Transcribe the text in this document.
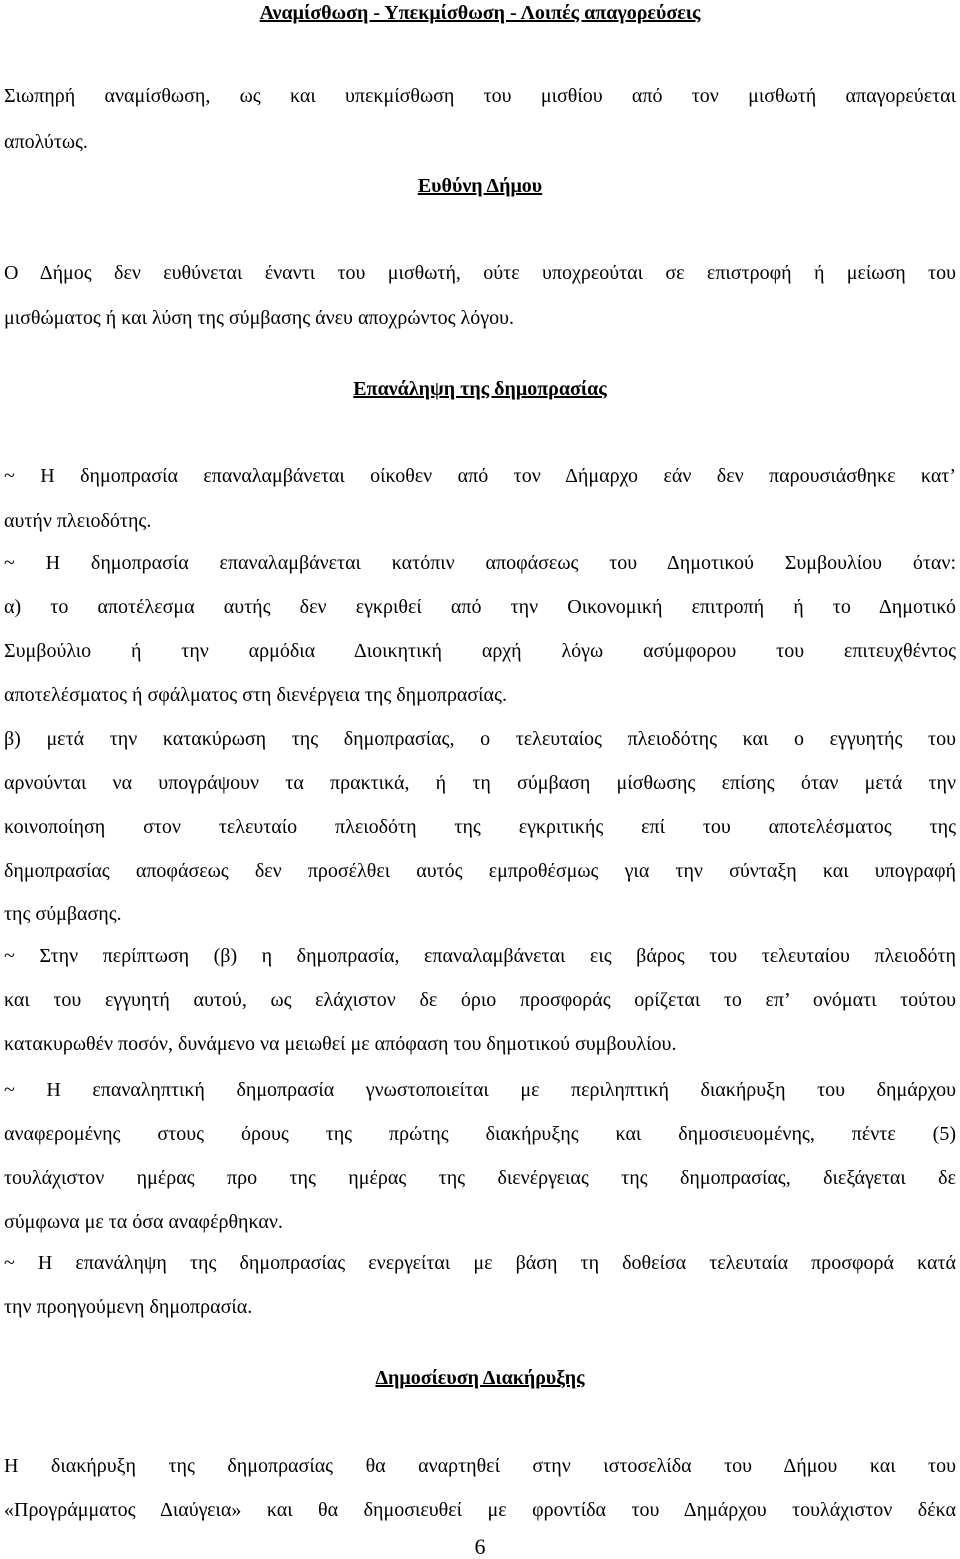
Αναμίσθωση - Υπεκμίσθωση - Λοιπές απαγορεύσεις
Σιωπηρή αναμίσθωση, ως και υπεκμίσθωση του μισθίου από τον μισθωτή απαγορεύεται
απολύτως.
Ευθύνη Δήμου
Ο Δήμος δεν ευθύνεται έναντι του μισθωτή, ούτε υποχρεούται σε επιστροφή ή μείωση του
μισθώματος ή και λύση της σύμβασης άνευ αποχρώντος λόγου.
Επανάληψη της δημοπρασίας
~ Η δημοπρασία επαναλαμβάνεται οίκοθεν από τον Δήμαρχο εάν δεν παρουσιάσθηκε κατ’
αυτήν πλειοδότης.
~ Η δημοπρασία επαναλαμβάνεται κατόπιν αποφάσεως του Δημοτικού Συμβουλίου όταν:
α) το αποτέλεσμα αυτής δεν εγκριθεί από την Οικονομική επιτροπή ή το Δημοτικό
Συμβούλιο ή την αρμόδια Διοικητική αρχή λόγω ασύμφορου του επιτευχθέντος
αποτελέσματος ή σφάλματος στη διενέργεια της δημοπρασίας.
β) μετά την κατακύρωση της δημοπρασίας, ο τελευταίος πλειοδότης και ο εγγυητής του
αρνούνται να υπογράψουν τα πρακτικά, ή τη σύμβαση μίσθωσης επίσης όταν μετά την
κοινοποίηση στον τελευταίο πλειοδότη της εγκριτικής επί του αποτελέσματος της
δημοπρασίας αποφάσεως δεν προσέλθει αυτός εμπροθέσμως για την σύνταξη και υπογραφή
της σύμβασης.
~ Στην περίπτωση (β) η δημοπρασία, επαναλαμβάνεται εις βάρος του τελευταίου πλειοδότη
και του εγγυητή αυτού, ως ελάχιστον δε όριο προσφοράς ορίζεται το επ’ ονόματι τούτου
κατακυρωθέν ποσόν, δυνάμενο να μειωθεί με απόφαση του δημοτικού συμβουλίου.
~ Η επαναληπτική δημοπρασία γνωστοποιείται με περιληπτική διακήρυξη του δημάρχου
αναφερομένης στους όρους της πρώτης διακήρυξης και δημοσιευομένης, πέντε (5)
τουλάχιστον ημέρας προ της ημέρας της διενέργειας της δημοπρασίας, διεξάγεται δε
σύμφωνα με τα όσα αναφέρθηκαν.
~ Η επανάληψη της δημοπρασίας ενεργείται με βάση τη δοθείσα τελευταία προσφορά κατά
την προηγούμενη δημοπρασία.
Δημοσίευση Διακήρυξης
Η διακήρυξη της δημοπρασίας θα αναρτηθεί στην ιστοσελίδα του Δήμου και του
«Προγράμματος Διαύγεια» και θα δημοσιευθεί με φροντίδα του Δημάρχου τουλάχιστον δέκα
6
